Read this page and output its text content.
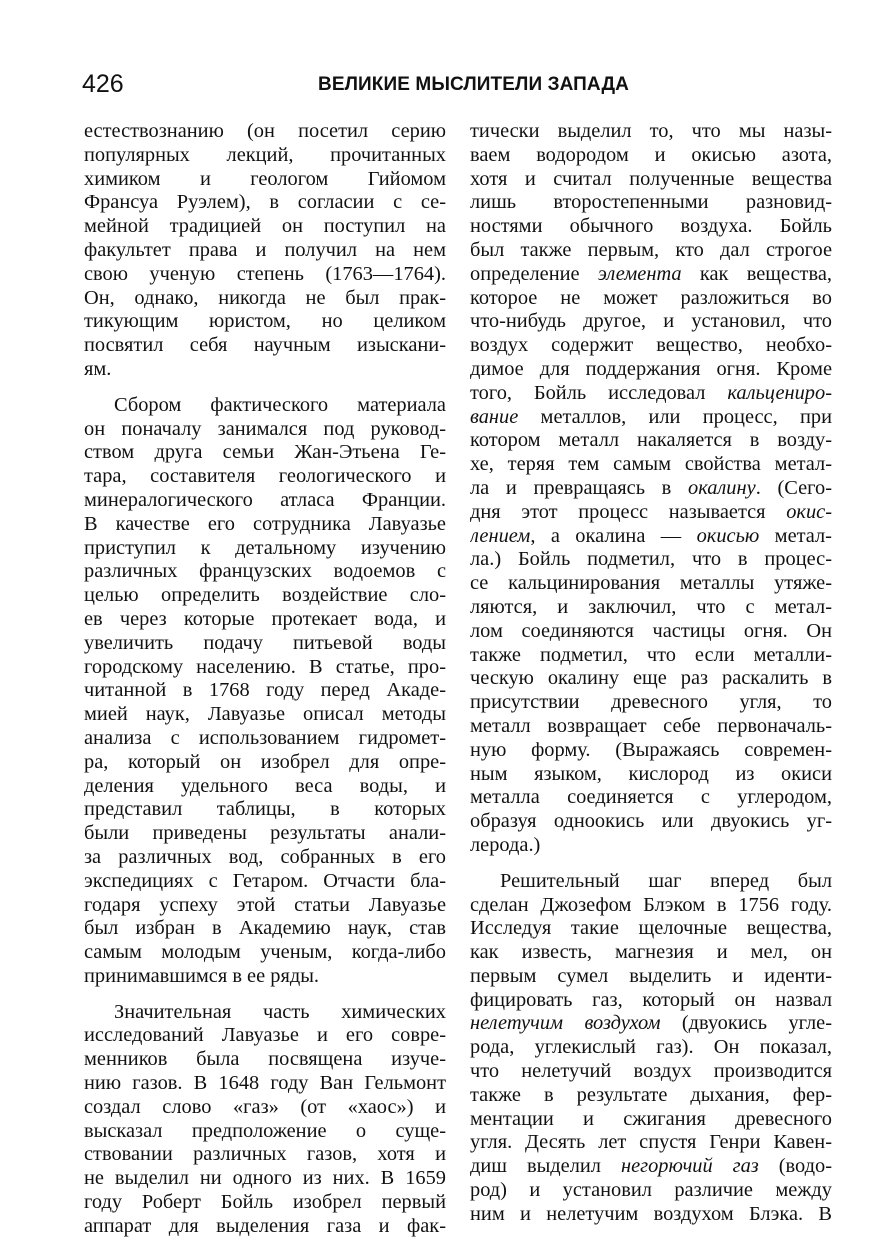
426	ВЕЛИКИЕ МЫСЛИТЕЛИ ЗАПАДА

естествознанию (он посетил серию
популярных лекций, прочитанных
химиком и геологом Гийомом
Франсуа Руэлем), в согласии с се-
мейной традицией он поступил на
факультет права и получил на нем
свою ученую степень (1763—1764).
Он, однако, никогда не был прак-
тикующим юристом, но целиком
посвятил себя научным изыскани-
ям.

Сбором фактического материала
он поначалу занимался под руковод-
ством друга семьи Жан-Этьена Ге-
тара, составителя геологического и
минералогического атласа Франции.
В качестве его сотрудника Лавуазье
приступил к детальному изучению
различных французских водоемов с
целью определить воздействие сло-
ев через которые протекает вода, и
увеличить подачу питьевой воды
городскому населению. В статье, про-
читанной в 1768 году перед Акаде-
мией наук, Лавуазье описал методы
анализа с использованием гидромет-
ра, который он изобрел для опре-
деления удельного веса воды, и
представил таблицы, в которых
были приведены результаты анали-
за различных вод, собранных в его
экспедициях с Гетаром. Отчасти бла-
годаря успеху этой статьи Лавуазье
был избран в Академию наук, став
самым молодым ученым, когда-либо
принимавшимся в ее ряды.

Значительная часть химических
исследований Лавуазье и его совре-
менников была посвящена изуче-
нию газов. В 1648 году Ван Гельмонт
создал слово «газ» (от «хаос») и
высказал предположение о суще-
ствовании различных газов, хотя и
не выделил ни одного из них. В 1659
году Роберт Бойль изобрел первый
аппарат для выделения газа и фак-

тически выделил то, что мы назы-
ваем водородом и окисью азота,
хотя и считал полученные вещества
лишь второстепенными разновид-
ностями обычного воздуха. Бойль
был также первым, кто дал строгое
определение элемента как вещества,
которое не может разложиться во
что-нибудь другое, и установил, что
воздух содержит вещество, необхо-
димое для поддержания огня. Кроме
того, Бойль исследовал кальцениро-
вание металлов, или процесс, при
котором металл накаляется в возду-
хе, теряя тем самым свойства метал-
ла и превращаясь в окалину. (Сего-
дня этот процесс называется окис-
лением, а окалина — окисью метал-
ла.) Бойль подметил, что в процес-
се кальцинирования металлы утяже-
ляются, и заключил, что с метал-
лом соединяются частицы огня. Он
также подметил, что если металли-
ческую окалину еще раз раскалить в
присутствии древесного угля, то
металл возвращает себе первоначаль-
ную форму. (Выражаясь современ-
ным языком, кислород из окиси
металла соединяется с углеродом,
образуя одноокись или двуокись уг-
лерода.)

Решительный шаг вперед был
сделан Джозефом Блэком в 1756 году.
Исследуя такие щелочные вещества,
как известь, магнезия и мел, он
первым сумел выделить и иденти-
фицировать газ, который он назвал
нелетучим воздухом (двуокись угле-
рода, углекислый газ). Он показал,
что нелетучий воздух производится
также в результате дыхания, фер-
ментации и сжигания древесного
угля. Десять лет спустя Генри Кавен-
диш выделил негорючий газ (водо-
род) и установил различие между
ним и нелетучим воздухом Блэка. В
